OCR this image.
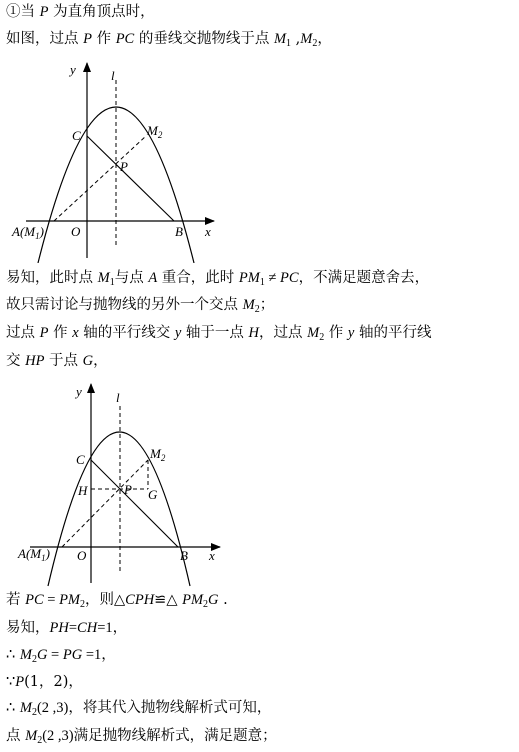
①当 P 为直角顶点时，
如图，过点 P 作 PC 的垂线交抛物线于点 $M_1$ $,M_2$，
y	l
C	$M_2$
P
$A(M_1)$ O	B x
易知，此时点 $M_1$与点 A 重合，此时 $PM_1$ ≠ PC，不满足题意舍去，
故只需讨论与抛物线的另外一个交点 $M_2$；
过点 P 作 x 轴的平行线交 y 轴于一点 H，过点 $M_2$ 作 y 轴的平行线
交 HP 于点 G，
y	l
C	$M_2$
H	P G
$A(M_1)$ O	B x
若 PC = $PM_2$，则△CPH≌△ $PM_2G$ .
易知，PH=CH=1，
∴ $M_2G$ = PG =1，
∵P(1，2)，
∴ $M_2(2$ ,3)，将其代入抛物线解析式可知，
点 $M_2(2$ ,3)满足抛物线解析式，满足题意；
